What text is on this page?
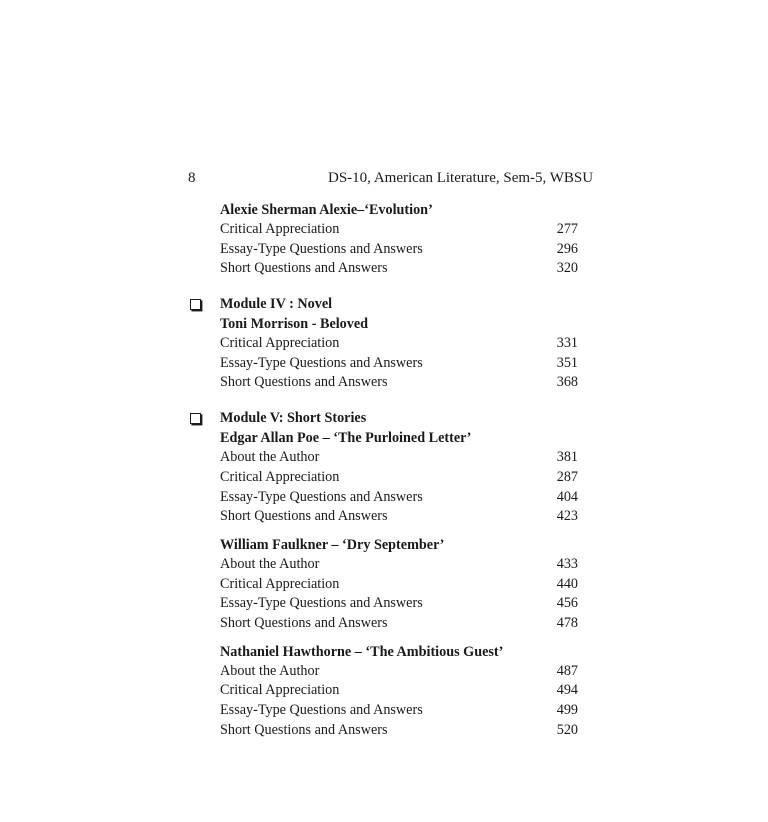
8	DS-10, American Literature, Sem-5, WBSU
Alexie Sherman Alexie–‘Evolution’
Critical Appreciation	277
Essay-Type Questions and Answers	296
Short Questions and Answers	320
Module IV : Novel
Toni Morrison - Beloved
Critical Appreciation	331
Essay-Type Questions and Answers	351
Short Questions and Answers	368
Module V: Short Stories
Edgar Allan Poe – ‘The Purloined Letter’
About the Author	381
Critical Appreciation	287
Essay-Type Questions and Answers	404
Short Questions and Answers	423
William Faulkner – ‘Dry September’
About the Author	433
Critical Appreciation	440
Essay-Type Questions and Answers	456
Short Questions and Answers	478
Nathaniel Hawthorne – ‘The Ambitious Guest’
About the Author	487
Critical Appreciation	494
Essay-Type Questions and Answers	499
Short Questions and Answers	520
